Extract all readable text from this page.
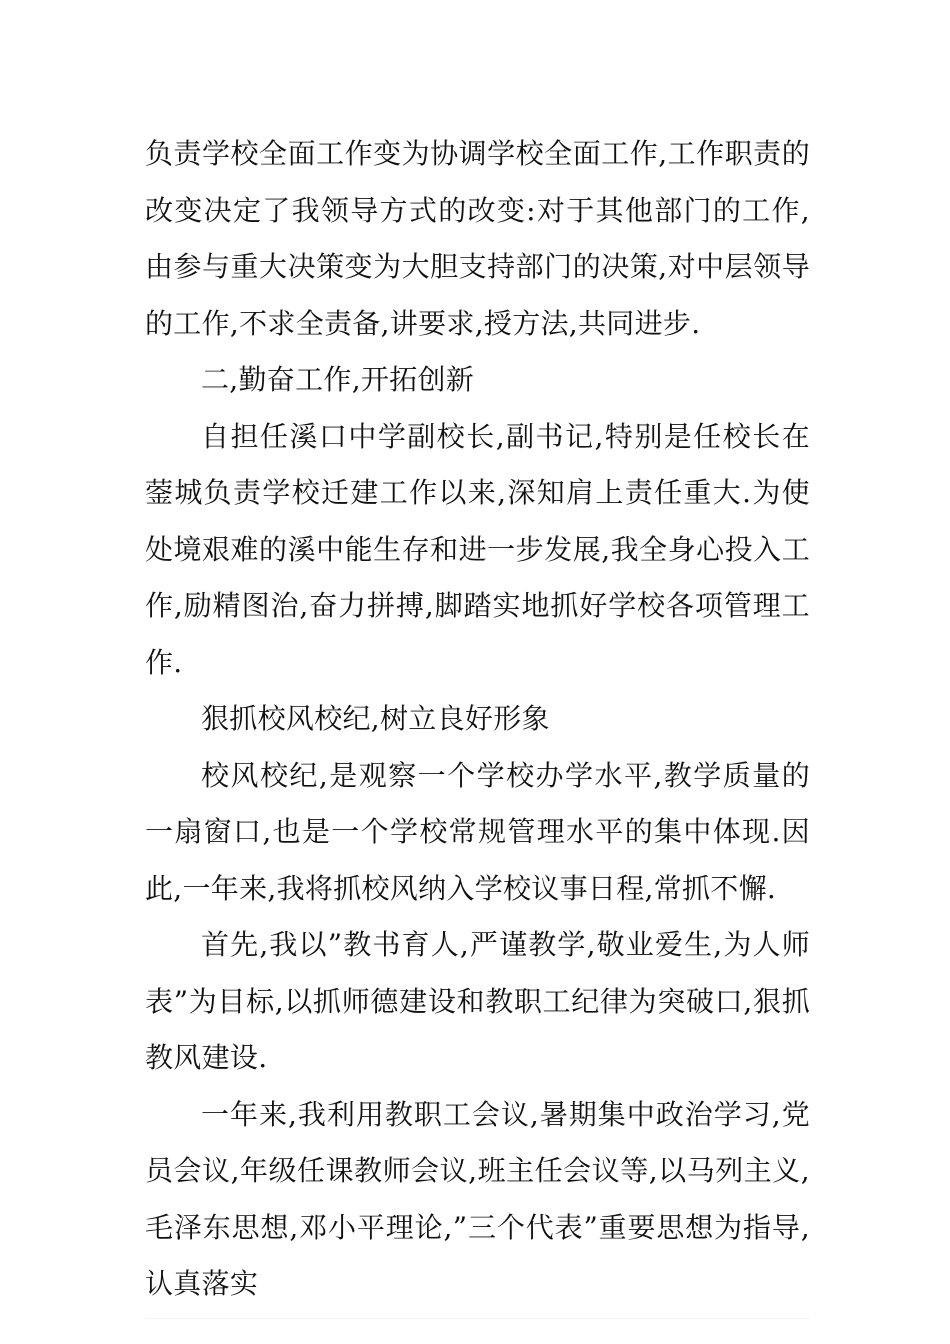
负责学校全面工作变为协调学校全面工作,工作职责的改变决定了我领导方式的改变:对于其他部门的工作,由参与重大决策变为大胆支持部门的决策,对中层领导的工作,不求全责备,讲要求,授方法,共同进步.

二,勤奋工作,开拓创新

自担任溪口中学副校长,副书记,特别是任校长在蓥城负责学校迁建工作以来,深知肩上责任重大.为使处境艰难的溪中能生存和进一步发展,我全身心投入工作,励精图治,奋力拼搏,脚踏实地抓好学校各项管理工作.

狠抓校风校纪,树立良好形象

校风校纪,是观察一个学校办学水平,教学质量的一扇窗口,也是一个学校常规管理水平的集中体现.因此,一年来,我将抓校风纳入学校议事日程,常抓不懈.

首先,我以”教书育人,严谨教学,敬业爱生,为人师表”为目标,以抓师德建设和教职工纪律为突破口,狠抓教风建设.

一年来,我利用教职工会议,暑期集中政治学习,党员会议,年级任课教师会议,班主任会议等,以马列主义,毛泽东思想,邓小平理论,”三个代表”重要思想为指导,认真落实
